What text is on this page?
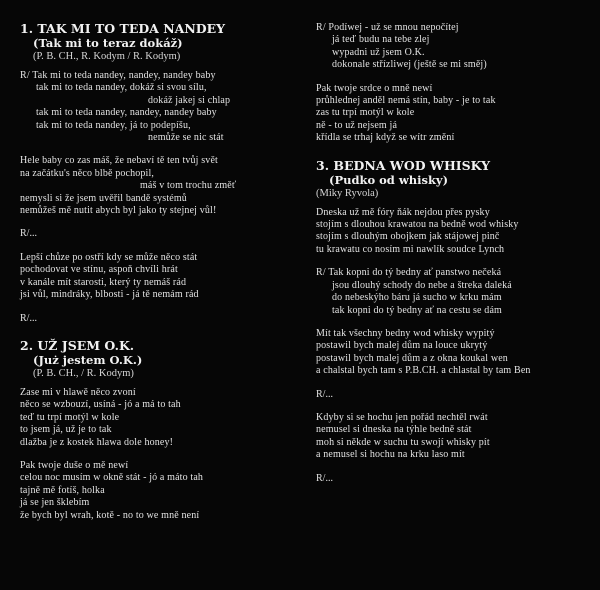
1. TAK MI TO TEDA NANDEY
(Tak mi to teraz dokáž)
(P. B. CH., R. Kodym / R. Kodym)
R/ Tak mi to teda nandey, nandey, nandey baby
tak mi to teda nandey, dokáž si svou sílu,
dokáž jakej si chlap
tak mi to teda nandey, nandey, nandey baby
tak mi to teda nandey, já to podepíšu,
nemůže se nic stát
Hele baby co zas máš, že nebaví tě ten tvůj svět
na začátku's něco blbě pochopil,
máš v tom trochu změť
nemysli si že jsem uvěřil bandě systémů
nemůžeš mě nutit abych byl jako ty stejnej vůl!
R/...
Lepší chůze po ostří kdy se může něco stát
pochodovat ve stínu, aspoň chvíli hrát
v kanále mít starosti, který ty nemáš rád
jsi vůl, mindráky, blbosti - já tě nemám rád
R/...
2. UŽ JSEM O.K.
(Już jestem O.K.)
(P. B. CH., / R. Kodym)
Zase mi v hlawě něco zvoní
něco se wzbouzí, usíná - jó a má to tah
teď tu trpí motýl w kole
to jsem já, už je to tak
dlažba je z kostek hlawa dole honey!
Pak twoje duše o mě newí
celou noc musím w okně stát - jó a máto tah
tajně mě fotíš, holka
já se jen šklebím
že bych byl wrah, kotě - no to we mně není
R/ Podíwej - už se mnou nepočítej
já teď budu na tebe zlej
wypadni už jsem O.K.
dokonale střízliwej (ještě se mi směj)
Pak twoje srdce o mně newí
průhlednej anděl nemá stín, baby - je to tak
zas tu trpí motýl w kole
ně - to už nejsem já
křídla se trhaj když se wítr změní
3. BEDNA WOD WHISKY
(Pudko od whisky)
(Miky Ryvola)
Dneska už mě fóry ňák nejdou přes pysky
stojím s dlouhou krawatou na bedně wod whisky
stojím s dlouhým obojkem jak stájowej pinč
tu krawatu co nosím mi nawlík soudce Lynch
R/ Tak kopni do tý bedny ať panstwo nečeká
jsou dlouhý schody do nebe a štreka daleká
do nebeskýho báru já sucho w krku mám
tak kopni do tý bedny ať na cestu se dám
Mít tak všechny bedny wod whisky wypitý
postawil bych malej dům na louce ukrytý
postawil bych malej dům a z okna koukal wen
a chalstal bych tam s P.B.CH. a chlastal by tam Ben
R/...
Kdyby si se hochu jen pořád nechtěl rwát
nemusel si dneska na týhle bedně stát
moh si někde w suchu tu swojí whisky pít
a nemusel si hochu na krku laso mít
R/...
